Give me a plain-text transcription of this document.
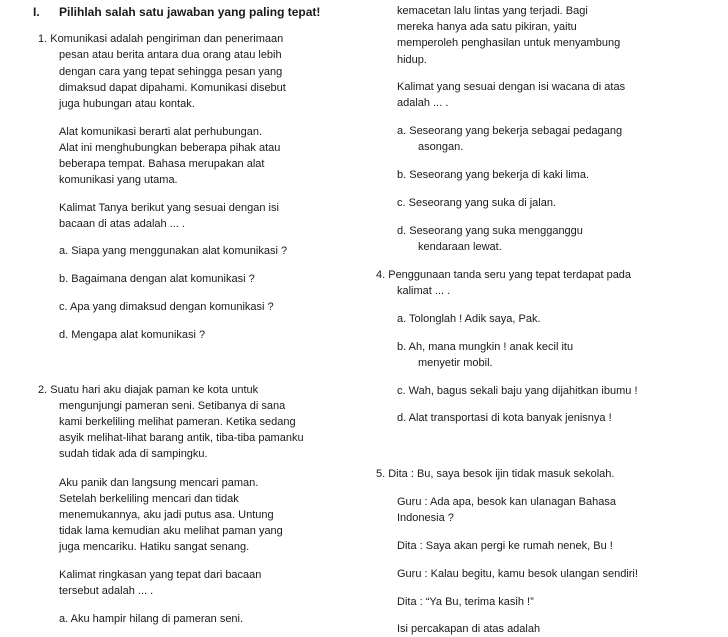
I. Pilihlah salah satu jawaban yang paling tepat!
1. Komunikasi adalah pengiriman dan penerimaan
pesan atau berita antara dua orang atau lebih
dengan cara yang tepat sehingga pesan yang
dimaksud dapat dipahami. Komunikasi disebut
juga hubungan atau kontak.
Alat komunikasi berarti alat perhubungan.
Alat ini menghubungkan beberapa pihak atau
beberapa tempat. Bahasa merupakan alat
komunikasi yang utama.
Kalimat Tanya berikut yang sesuai dengan isi
bacaan di atas adalah ... .
a. Siapa yang menggunakan alat komunikasi ?
b. Bagaimana dengan alat komunikasi ?
c. Apa yang dimaksud dengan komunikasi ?
d. Mengapa alat komunikasi ?
2. Suatu hari aku diajak paman ke kota untuk
mengunjungi pameran seni. Setibanya di sana
kami berkeliling melihat pameran. Ketika sedang
asyik melihat-lihat barang antik, tiba-tiba pamanku
sudah tidak ada di sampingku.
Aku panik dan langsung mencari paman.
Setelah berkeliling mencari dan tidak
menemukannya, aku jadi putus asa. Untung
tidak lama kemudian aku melihat paman yang
juga mencariku. Hatiku sangat senang.
Kalimat ringkasan yang tepat dari bacaan
tersebut adalah ... .
a. Aku hampir hilang di pameran seni.
kemacetan lalu lintas yang terjadi. Bagi
mereka hanya ada satu pikiran, yaitu
memperoleh penghasilan untuk menyambung
hidup.
Kalimat yang sesuai dengan isi wacana di atas
adalah ... .
a. Seseorang yang bekerja sebagai pedagang
asongan.
b. Seseorang yang bekerja di kaki lima.
c. Seseorang yang suka di jalan.
d. Seseorang yang suka mengganggu
kendaraan lewat.
4. Penggunaan tanda seru yang tepat terdapat pada
kalimat ... .
a. Tolonglah ! Adik saya, Pak.
b. Ah, mana mungkin ! anak kecil itu
menyetir mobil.
c. Wah, bagus sekali baju yang dijahitkan ibumu !
d. Alat transportasi di kota banyak jenisnya !
5. Dita : Bu, saya besok ijin tidak masuk sekolah.
Guru : Ada apa, besok kan ulanagan Bahasa
Indonesia ?
Dita : Saya akan pergi ke rumah nenek, Bu !
Guru : Kalau begitu, kamu besok ulangan sendiri!
Dita : “Ya Bu, terima kasih !”
Isi percakapan di atas adalah
